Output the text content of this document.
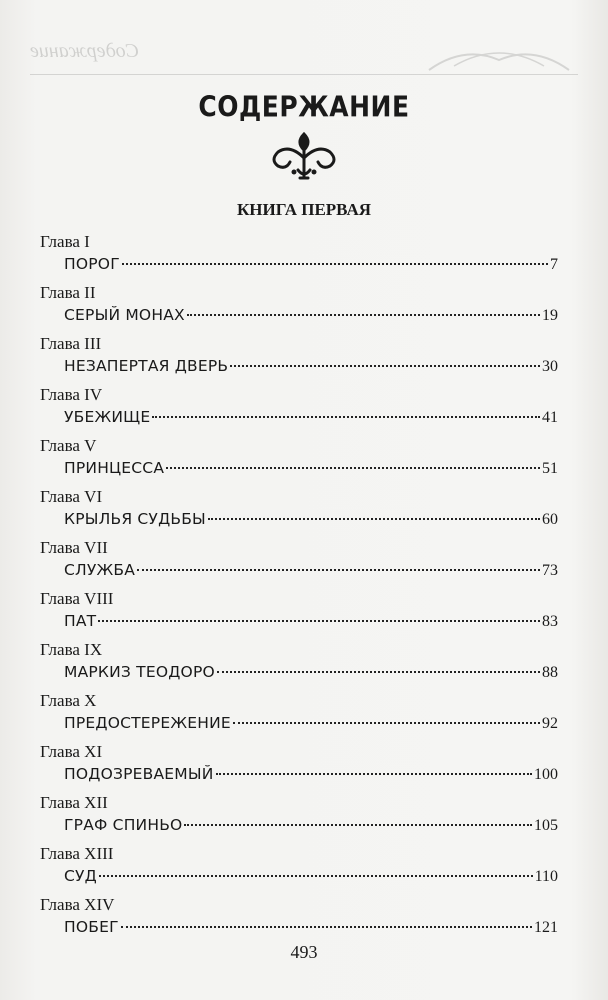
Содержание
СОДЕРЖАНИЕ
КНИГА ПЕРВАЯ
Глава I
ПОРОГ	7
Глава II
СЕРЫЙ МОНАХ	19
Глава III
НЕЗАПЕРТАЯ ДВЕРЬ	30
Глава IV
УБЕЖИЩЕ	41
Глава V
ПРИНЦЕССА	51
Глава VI
КРЫЛЬЯ СУДЬБЫ	60
Глава VII
СЛУЖБА	73
Глава VIII
ПАТ	83
Глава IX
МАРКИЗ ТЕОДОРО	88
Глава X
ПРЕДОСТЕРЕЖЕНИЕ	92
Глава XI
ПОДОЗРЕВАЕМЫЙ	100
Глава XII
ГРАФ СПИНЬО	105
Глава XIII
СУД	110
Глава XIV
ПОБЕГ	121
493
